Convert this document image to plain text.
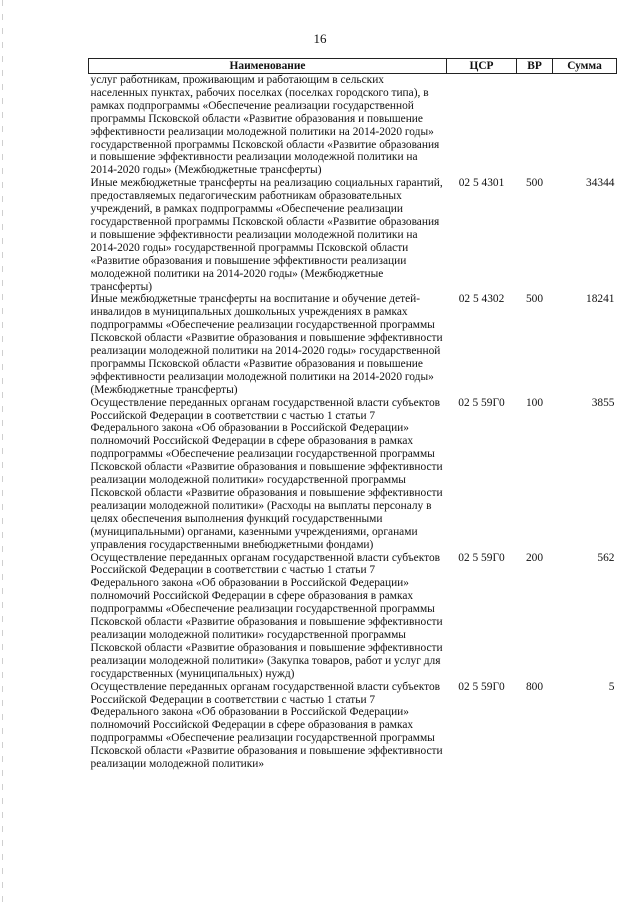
16
Наименование	ЦСР	ВР	Сумма
услуг работникам, проживающим и работающим в сельских населенных пунктах, рабочих поселках (поселках городского типа), в рамках подпрограммы «Обеспечение реализации государственной программы Псковской области «Развитие образования и повышение эффективности реализации молодежной политики на 2014-2020 годы» государственной программы Псковской области «Развитие образования и повышение эффективности реализации молодежной политики на 2014-2020 годы» (Межбюджетные трансферты)			
Иные межбюджетные трансферты на реализацию социальных гарантий, предоставляемых педагогическим работникам образовательных учреждений, в рамках подпрограммы «Обеспечение реализации государственной программы Псковской области «Развитие образования и повышение эффективности реализации молодежной политики на 2014-2020 годы» государственной программы Псковской области «Развитие образования и повышение эффективности реализации молодежной политики на 2014-2020 годы» (Межбюджетные трансферты)	02 5 4301	500	34344
Иные межбюджетные трансферты на воспитание и обучение детей-инвалидов в муниципальных дошкольных учреждениях в рамках подпрограммы «Обеспечение реализации государственной программы Псковской области «Развитие образования и повышение эффективности реализации молодежной политики на 2014-2020 годы» государственной программы Псковской области «Развитие образования и повышение эффективности реализации молодежной политики на 2014-2020 годы» (Межбюджетные трансферты)	02 5 4302	500	18241
Осуществление переданных органам государственной власти субъектов Российской Федерации в соответствии с частью 1 статьи 7 Федерального закона «Об образовании в Российской Федерации» полномочий Российской Федерации в сфере образования в рамках подпрограммы «Обеспечение реализации государственной программы Псковской области «Развитие образования и повышение эффективности реализации молодежной политики» государственной программы Псковской области «Развитие образования и повышение эффективности реализации молодежной политики» (Расходы на выплаты персоналу в целях обеспечения выполнения функций государственными (муниципальными) органами, казенными учреждениями, органами управления государственными внебюджетными фондами)	02 5 59Г0	100	3855
Осуществление переданных органам государственной власти субъектов Российской Федерации в соответствии с частью 1 статьи 7 Федерального закона «Об образовании в Российской Федерации» полномочий Российской Федерации в сфере образования в рамках подпрограммы «Обеспечение реализации государственной программы Псковской области «Развитие образования и повышение эффективности реализации молодежной политики» государственной программы Псковской области «Развитие образования и повышение эффективности реализации молодежной политики» (Закупка товаров, работ и услуг для государственных (муниципальных) нужд)	02 5 59Г0	200	562
Осуществление переданных органам государственной власти субъектов Российской Федерации в соответствии с частью 1 статьи 7 Федерального закона «Об образовании в Российской Федерации» полномочий Российской Федерации в сфере образования в рамках подпрограммы «Обеспечение реализации государственной программы Псковской области «Развитие образования и повышение эффективности реализации молодежной политики»	02 5 59Г0	800	5
